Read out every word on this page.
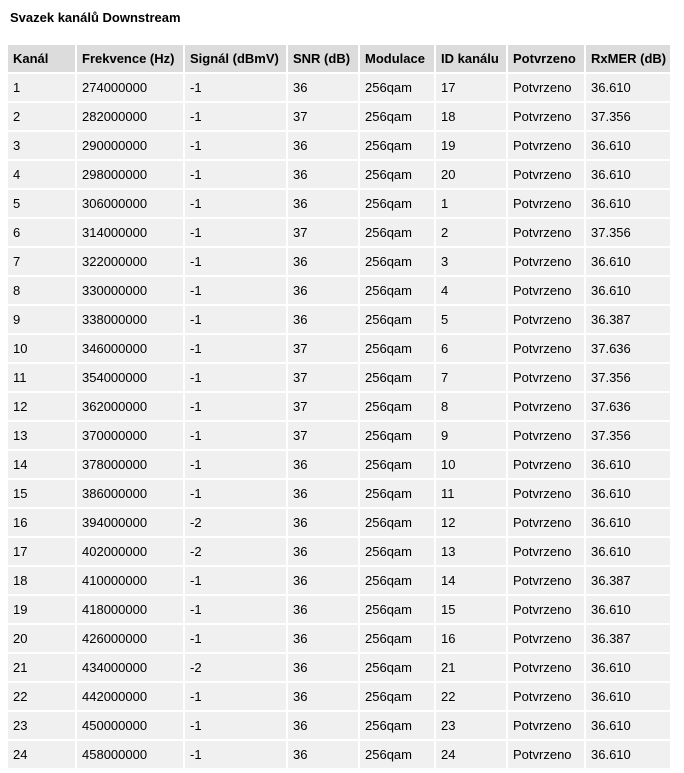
Svazek kanálů Downstream
Kanál	Frekvence (Hz)	Signál (dBmV)	SNR (dB)	Modulace	ID kanálu	Potvrzeno	RxMER (dB)
1	274000000	-1	36	256qam	17	Potvrzeno	36.610
2	282000000	-1	37	256qam	18	Potvrzeno	37.356
3	290000000	-1	36	256qam	19	Potvrzeno	36.610
4	298000000	-1	36	256qam	20	Potvrzeno	36.610
5	306000000	-1	36	256qam	1	Potvrzeno	36.610
6	314000000	-1	37	256qam	2	Potvrzeno	37.356
7	322000000	-1	36	256qam	3	Potvrzeno	36.610
8	330000000	-1	36	256qam	4	Potvrzeno	36.610
9	338000000	-1	36	256qam	5	Potvrzeno	36.387
10	346000000	-1	37	256qam	6	Potvrzeno	37.636
11	354000000	-1	37	256qam	7	Potvrzeno	37.356
12	362000000	-1	37	256qam	8	Potvrzeno	37.636
13	370000000	-1	37	256qam	9	Potvrzeno	37.356
14	378000000	-1	36	256qam	10	Potvrzeno	36.610
15	386000000	-1	36	256qam	11	Potvrzeno	36.610
16	394000000	-2	36	256qam	12	Potvrzeno	36.610
17	402000000	-2	36	256qam	13	Potvrzeno	36.610
18	410000000	-1	36	256qam	14	Potvrzeno	36.387
19	418000000	-1	36	256qam	15	Potvrzeno	36.610
20	426000000	-1	36	256qam	16	Potvrzeno	36.387
21	434000000	-2	36	256qam	21	Potvrzeno	36.610
22	442000000	-1	36	256qam	22	Potvrzeno	36.610
23	450000000	-1	36	256qam	23	Potvrzeno	36.610
24	458000000	-1	36	256qam	24	Potvrzeno	36.610
